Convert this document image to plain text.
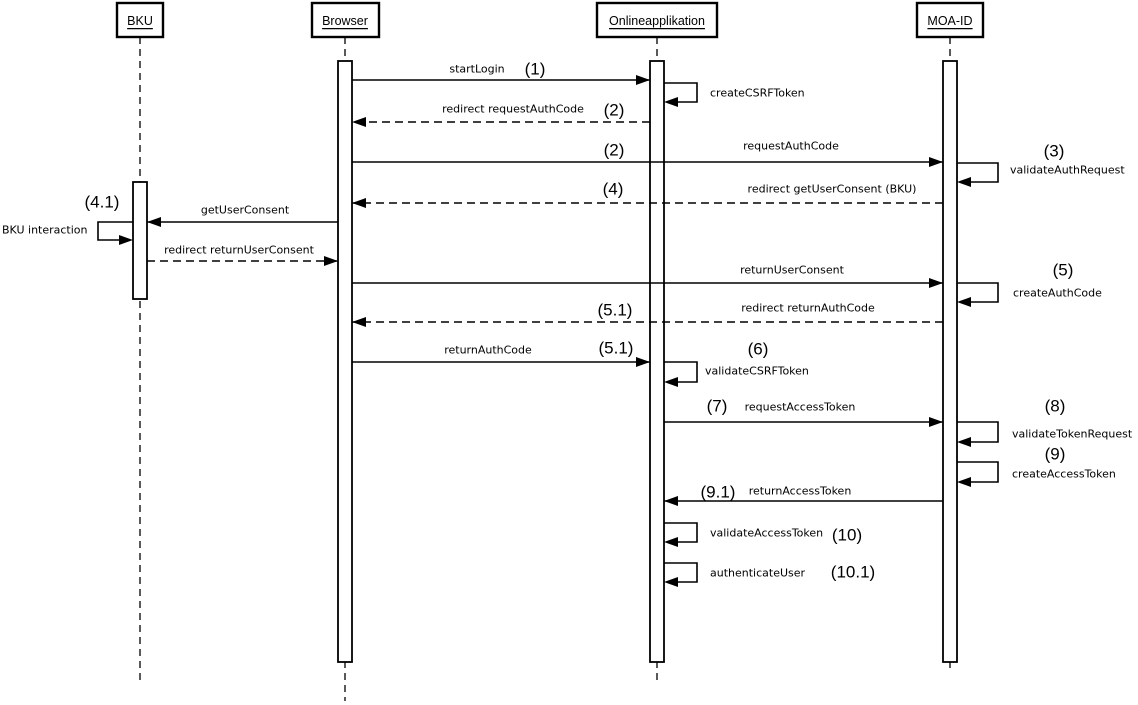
startLogin (1)
redirect requestAuthCode (2)
requestAuthCode
(2)
redirect getUserConsent (BKU)
(4)
getUserConsent
redirect returnUserConsent
returnUserConsent	(5)
redirect returnAuthCode
(5.1)
returnAuthCode	(5.1)
requestAccessToken
(7)
returnAccessToken
(9.1)
createCSRFToken
validateAuthRequest
(3)
BKU interaction
(4.1)
createAuthCode
validateCSRFToken
(6)
validateTokenRequest
(8)
createAccessToken
(9)
validateAccessToken (10)
authenticateUser (10.1)
BKU	Browser	Onlineapplikation	MOA-ID
